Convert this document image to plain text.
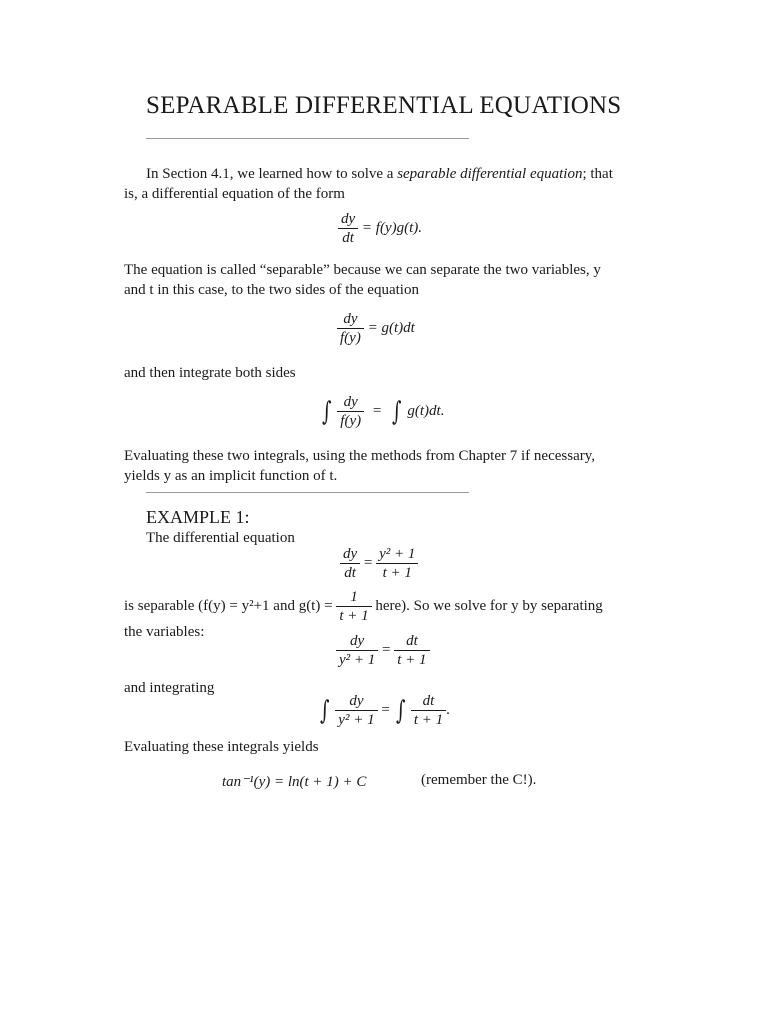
SEPARABLE DIFFERENTIAL EQUATIONS
In Section 4.1, we learned how to solve a separable differential equation; that
is, a differential equation of the form
$\frac{dy}{dt} = f(y)g(t)$.
The equation is called “separable” because we can separate the two variables, y
and t in this case, to the two sides of the equation
$\frac{dy}{f(y)} = g(t)dt$
and then integrate both sides
∫ $\frac{dy}{f(y)}$ = ∫ g(t)dt.
Evaluating these two integrals, using the methods from Chapter 7 if necessary,
yields y as an implicit function of t.
EXAMPLE 1:
The differential equation
$\frac{dy}{dt} = \frac{\text{y² + 1}}{t + 1}$
is separable (f(y) = y²+1 and $g(t) = \frac{1}{t + 1}$ here). So we solve for y by separating
the variables:	$\frac{dy}{\text{y² + 1}} = \frac{dt}{t + 1}$
and integrating
∫ $\frac{dy}{\text{y² + 1}}$ = ∫ $\frac{dt}{t + 1}$ .
Evaluating these integrals yields
tan⁻¹(y) = ln(t + 1) + C	(remember the C!).
